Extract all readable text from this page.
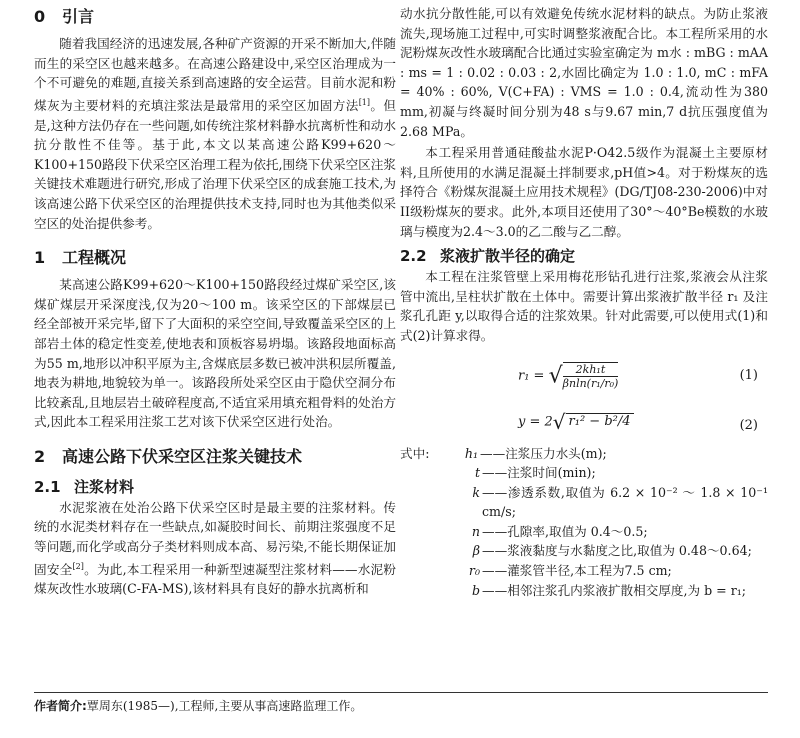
0 引言

随着我国经济的迅速发展,各种矿产资源的开采不断加大,伴随而生的采空区也越来越多。在高速公路建设中,采空区治理成为一个不可避免的难题,直接关系到高速路的安全运营。目前水泥和粉煤灰为主要材料的充填注浆法是最常用的采空区加固方法[1]。但是,这种方法仍存在一些问题,如传统注浆材料静水抗离析性和动水抗分散性不佳等。基于此,本文以某高速公路K99+620～K100+150路段下伏采空区治理工程为依托,围绕下伏采空区注浆关键技术难题进行研究,形成了治理下伏采空区的成套施工技术,为该高速公路下伏采空区的治理提供技术支持,同时也为其他类似采空区的处治提供参考。

1 工程概况

某高速公路K99+620～K100+150路段经过煤矿采空区,该煤矿煤层开采深度浅,仅为20～100 m。该采空区的下部煤层已经全部被开采完毕,留下了大面积的采空空间,导致覆盖采空区的上部岩土体的稳定性变差,使地表和顶板容易坍塌。该路段地面标高为55 m,地形以冲积平原为主,含煤底层多数已被冲洪积层所覆盖,地表为耕地,地貌较为单一。该路段所处采空区由于隐伏空洞分布比较紊乱,且地层岩土破碎程度高,不适宜采用填充粗骨料的处治方式,因此本工程采用注浆工艺对该下伏采空区进行处治。

2 高速公路下伏采空区注浆关键技术
2.1 注浆材料

水泥浆液在处治公路下伏采空区时是最主要的注浆材料。传统的水泥类材料存在一些缺点,如凝胶时间长、前期注浆强度不足等问题,而化学或高分子类材料则成本高、易污染,不能长期保证加固安全[2]。为此,本工程采用一种新型速凝型注浆材料——水泥粉煤灰改性水玻璃(C-FA-MS),该材料具有良好的静水抗离析和

动水抗分散性能,可以有效避免传统水泥材料的缺点。为防止浆液流失,现场施工过程中,可实时调整浆液配合比。本工程所采用的水泥粉煤灰改性水玻璃配合比通过实验室确定为 m水 : mBG : mAA : ms = 1 : 0.02 : 0.03 : 2,水固比确定为 1.0 : 1.0, mC : mFA = 40% : 60%, V(C+FA) : VMS = 1.0 : 0.4,流动性为380 mm,初凝与终凝时间分别为48 s与9.67 min,7 d抗压强度值为2.68 MPa。

本工程采用普通硅酸盐水泥P·O42.5级作为混凝土主要原材料,且所使用的水满足混凝土拌制要求,pH值>4。对于粉煤灰的选择符合《粉煤灰混凝土应用技术规程》(DG/TJ08-230-2006)中对II级粉煤灰的要求。此外,本项目还使用了30°～40°Be模数的水玻璃与模度为2.4～3.0的乙二酸与乙二醇。

2.2 浆液扩散半径的确定

本工程在注浆管壁上采用梅花形钻孔进行注浆,浆液会从注浆管中流出,呈柱状扩散在土体中。需要计算出浆液扩散半径 r₁ 及注浆孔孔距 y,以取得合适的注浆效果。针对此需要,可以使用式(1)和式(2)计算求得。

r₁ = √ $\frac{\text{2kh₁t}}{\text{βnln(r₁/r₀)}}$	(1)
y = 2√ r₁² − b²/4	(2)
式中:	h₁ ——注浆压力水头(m);
t ——注浆时间(min);
k ——渗透系数,取值为 6.2 × 10⁻² ～ 1.8 × 10⁻¹ cm/s;
n ——孔隙率,取值为 0.4～0.5;
β ——浆液黏度与水黏度之比,取值为 0.48～0.64;
r₀ ——灌浆管半径,本工程为7.5 cm;
b ——相邻注浆孔内浆液扩散相交厚度,为 b = r₁;
作者简介:覃周东(1985—),工程师,主要从事高速路监理工作。
